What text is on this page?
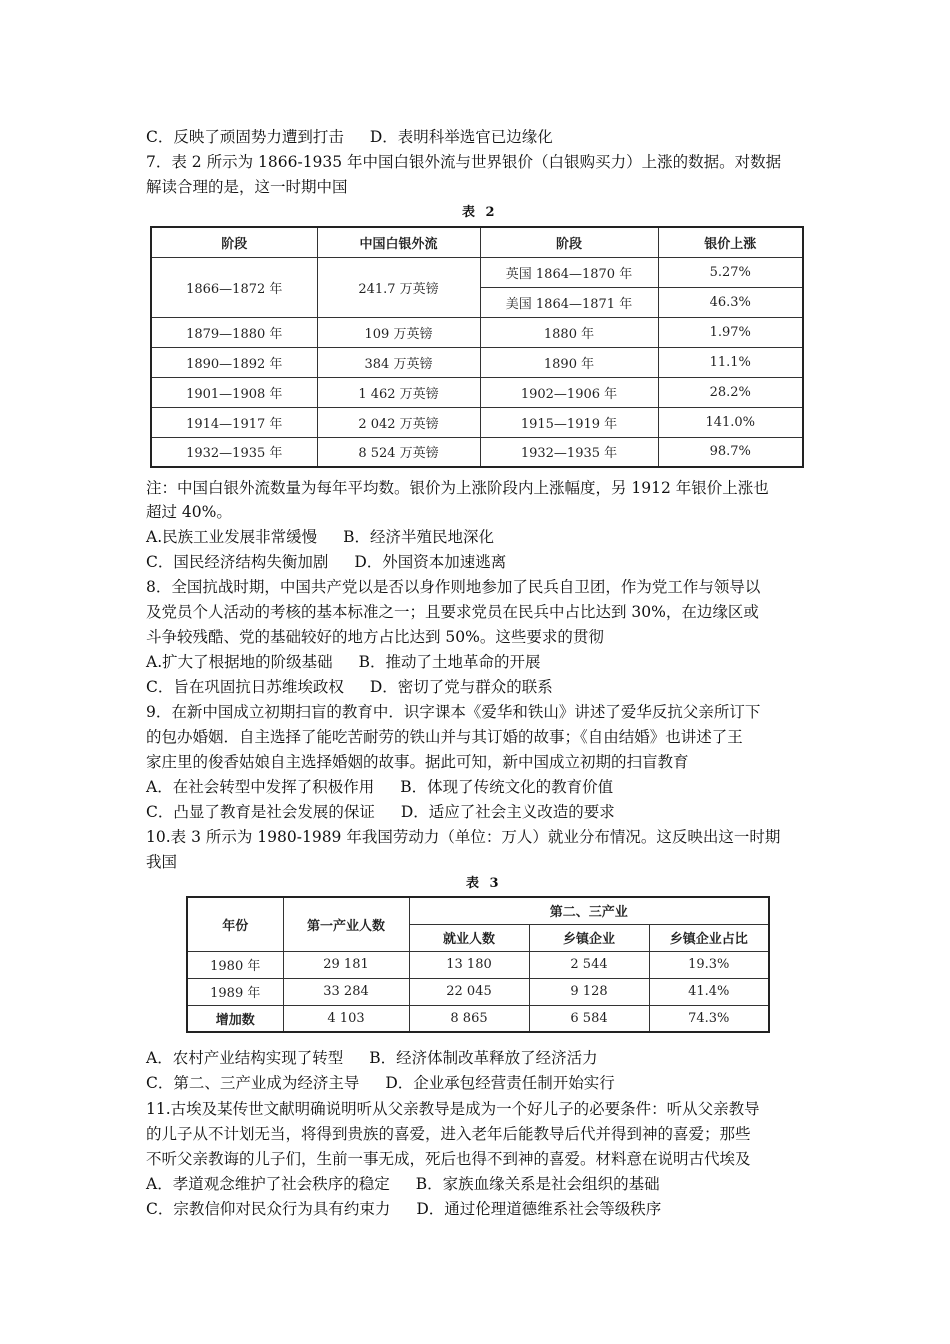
C．反映了顽固势力遭到打击 D．表明科举选官已边缘化
7．表 2 所示为 1866-1935 年中国白银外流与世界银价（白银购买力）上涨的数据。对数据
解读合理的是，这一时期中国
表 2
阶段	中国白银外流	阶段	银价上涨
1866—1872 年	241.7 万英镑	英国 1864—1870 年	5.27%
		美国 1864—1871 年	46.3%
1879—1880 年	109 万英镑	1880 年	1.97%
1890—1892 年	384 万英镑	1890 年	11.1%
1901—1908 年	1 462 万英镑	1902—1906 年	28.2%
1914—1917 年	2 042 万英镑	1915—1919 年	141.0%
1932—1935 年	8 524 万英镑	1932—1935 年	98.7%
注：中国白银外流数量为每年平均数。银价为上涨阶段内上涨幅度，另 1912 年银价上涨也
超过 40%。
A.民族工业发展非常缓慢 B．经济半殖民地深化
C．国民经济结构失衡加剧 D．外国资本加速逃离
8．全国抗战时期，中国共产党以是否以身作则地参加了民兵自卫团，作为党工作与领导以
及党员个人活动的考核的基本标准之一；且要求党员在民兵中占比达到 30%，在边缘区或
斗争较残酷、党的基础较好的地方占比达到 50%。这些要求的贯彻
A.扩大了根据地的阶级基础 B．推动了土地革命的开展
C．旨在巩固抗日苏维埃政权 D．密切了党与群众的联系
9．在新中国成立初期扫盲的教育中．识字课本《爱华和铁山》讲述了爱华反抗父亲所订下
的包办婚姻．自主选择了能吃苦耐劳的铁山并与其订婚的故事；《自由结婚》也讲述了王
家庄里的俊香姑娘自主选择婚姻的故事。据此可知，新中国成立初期的扫盲教育
A．在社会转型中发挥了积极作用 B．体现了传统文化的教育价值
C．凸显了教育是社会发展的保证 D．适应了社会主义改造的要求
10.表 3 所示为 1980-1989 年我国劳动力（单位：万人）就业分布情况。这反映出这一时期
我国
表 3
年份	第一产业人数	第二、三产业		
		就业人数	乡镇企业	乡镇企业占比
1980 年	29 181	13 180	2 544	19.3%
1989 年	33 284	22 045	9 128	41.4%
增加数	4 103	8 865	6 584	74.3%
A．农村产业结构实现了转型 B．经济体制改革释放了经济活力
C．第二、三产业成为经济主导 D．企业承包经营责任制开始实行
11.古埃及某传世文献明确说明听从父亲教导是成为一个好儿子的必要条件：听从父亲教导
的儿子从不计划无当，将得到贵族的喜爱，进入老年后能教导后代并得到神的喜爱；那些
不听父亲教诲的儿子们，生前一事无成，死后也得不到神的喜爱。材料意在说明古代埃及
A．孝道观念维护了社会秩序的稳定 B．家族血缘关系是社会组织的基础
C．宗教信仰对民众行为具有约束力 D．通过伦理道德维系社会等级秩序
